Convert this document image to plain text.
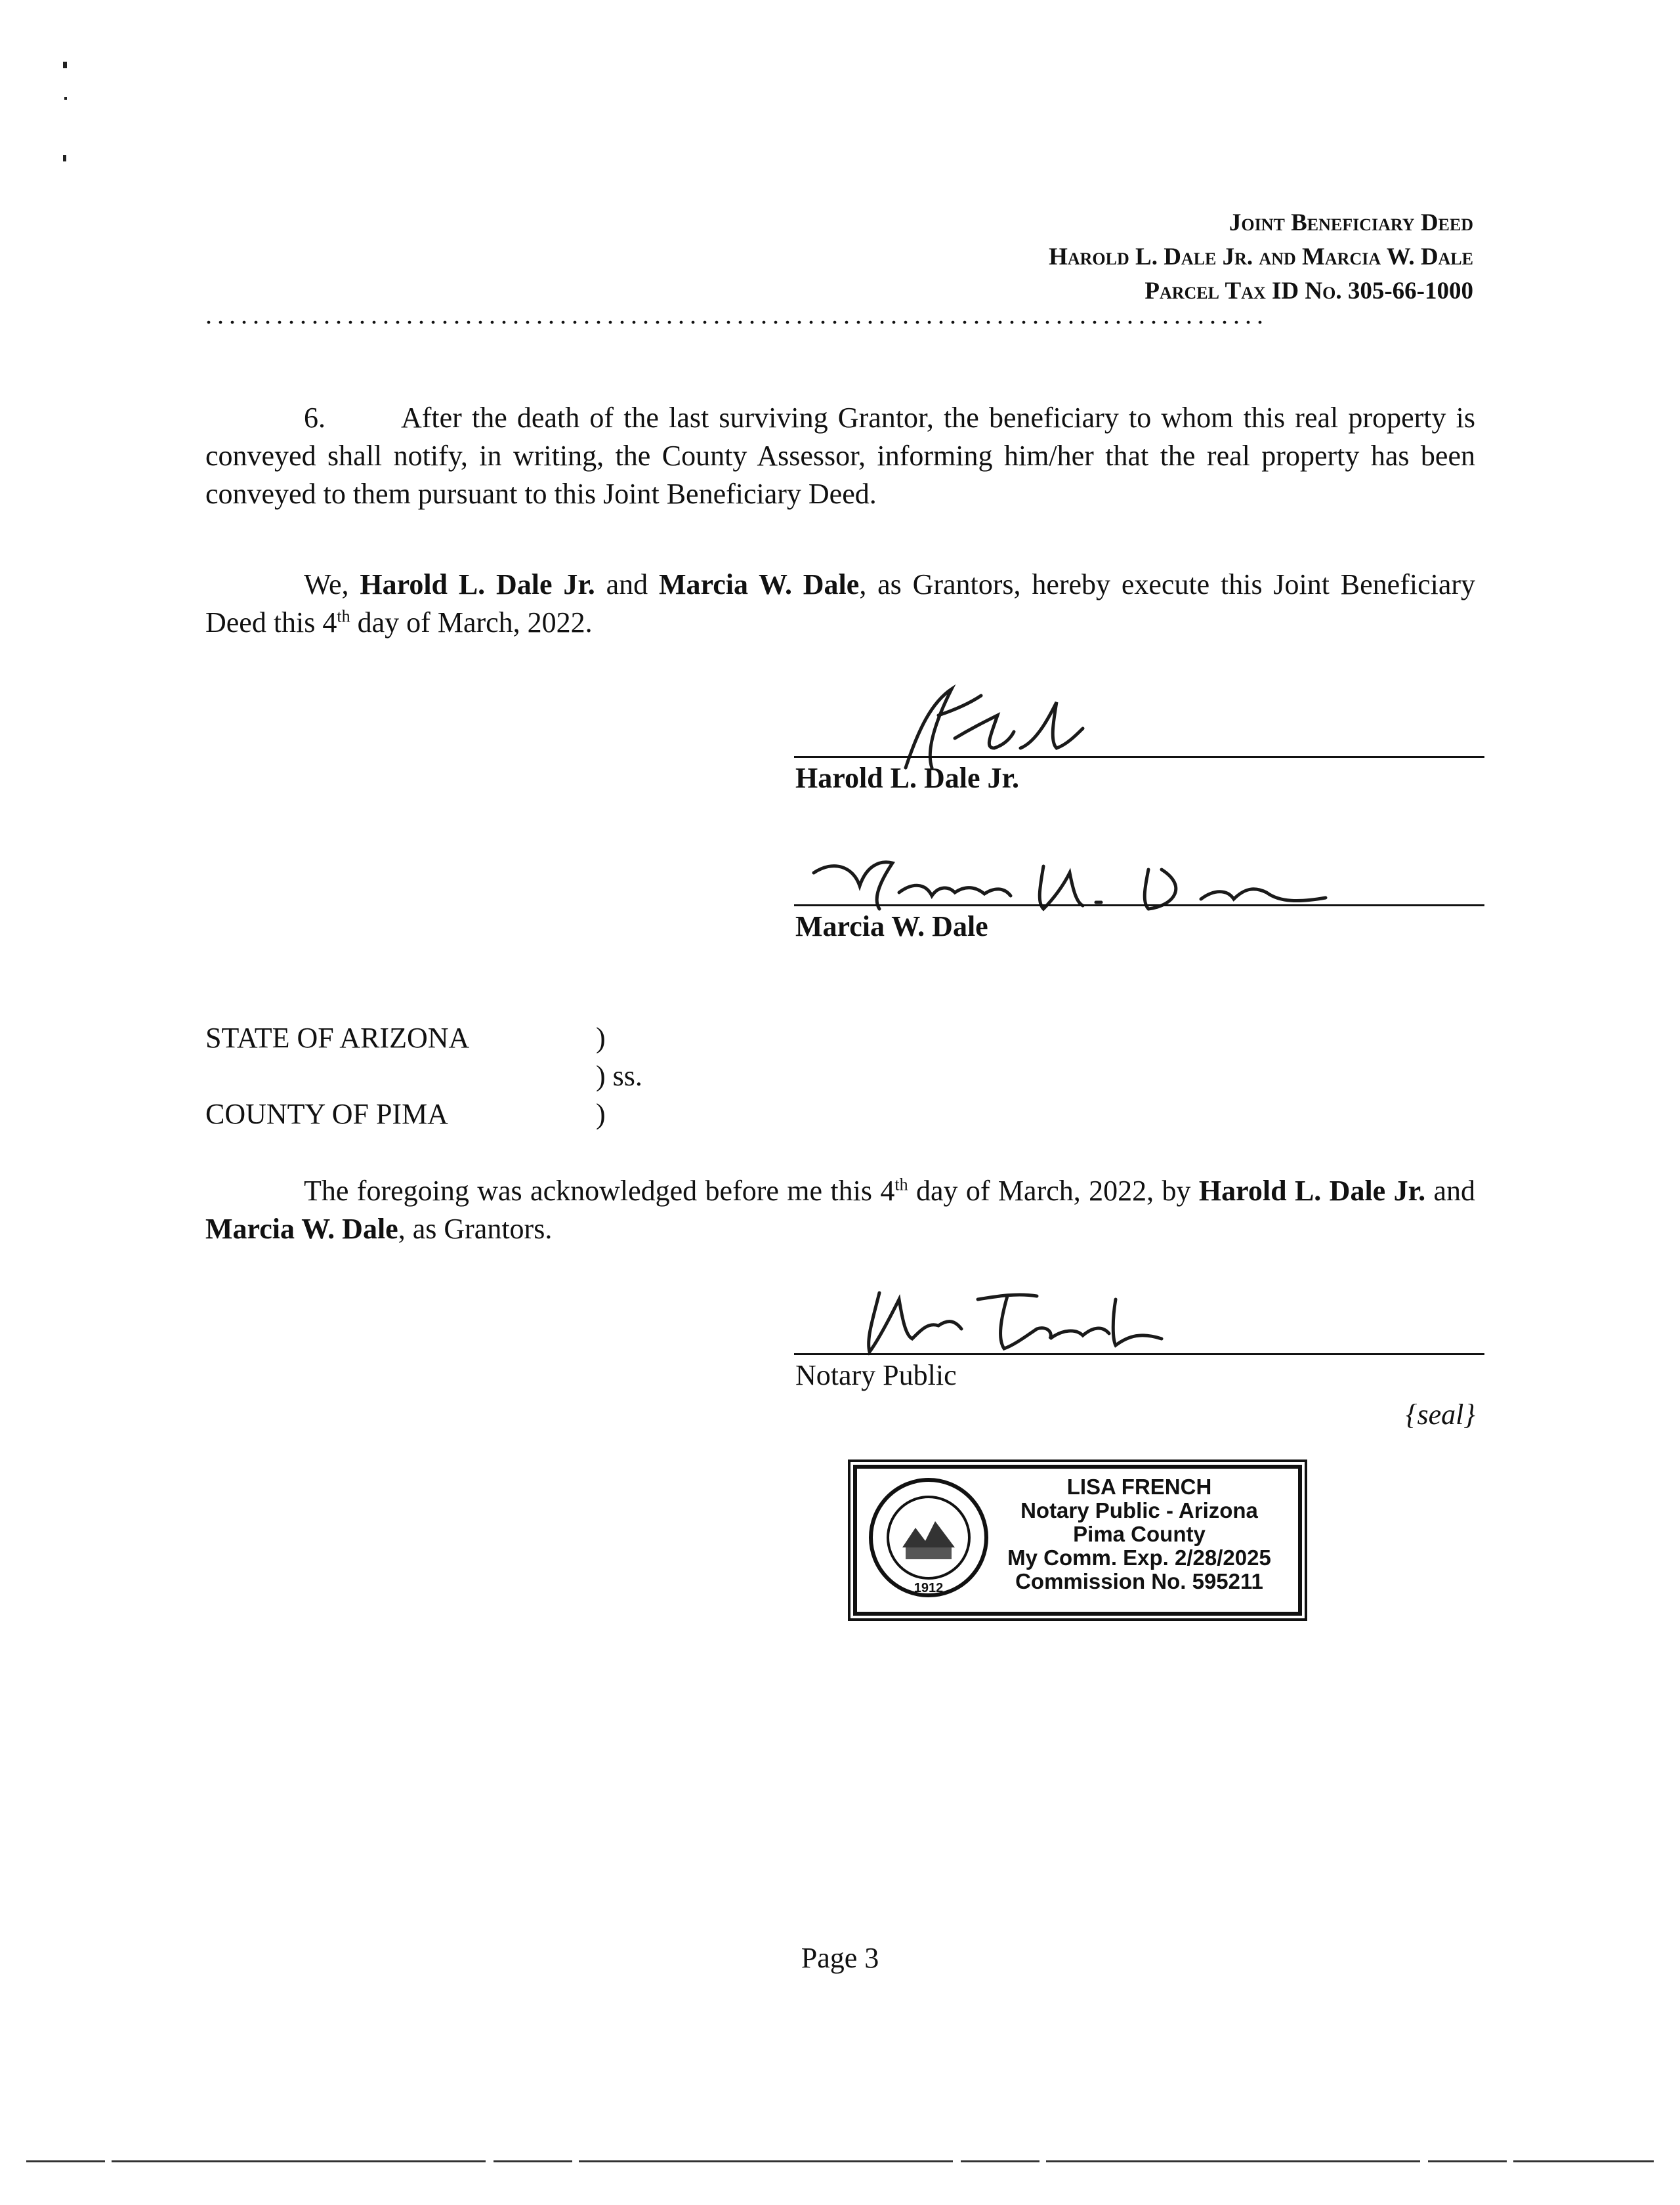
Joint Beneficiary Deed
Harold L. Dale Jr. and Marcia W. Dale
Parcel Tax ID No. 305-66-1000
..........................................................................................
6.	After the death of the last surviving Grantor, the beneficiary to whom this real property is conveyed shall notify, in writing, the County Assessor, informing him/her that the real property has been conveyed to them pursuant to this Joint Beneficiary Deed.
We, Harold L. Dale Jr. and Marcia W. Dale, as Grantors, hereby execute this Joint Beneficiary Deed this 4th day of March, 2022.
Harold L. Dale Jr.
Marcia W. Dale
STATE OF ARIZONA	)
) ss.
COUNTY OF PIMA	)
The foregoing was acknowledged before me this 4th day of March, 2022, by Harold L. Dale Jr. and Marcia W. Dale, as Grantors.
Notary Public
{seal}
1912
LISA FRENCH
Notary Public - Arizona
Pima County
My Comm. Exp. 2/28/2025
Commission No. 595211
Page 3
